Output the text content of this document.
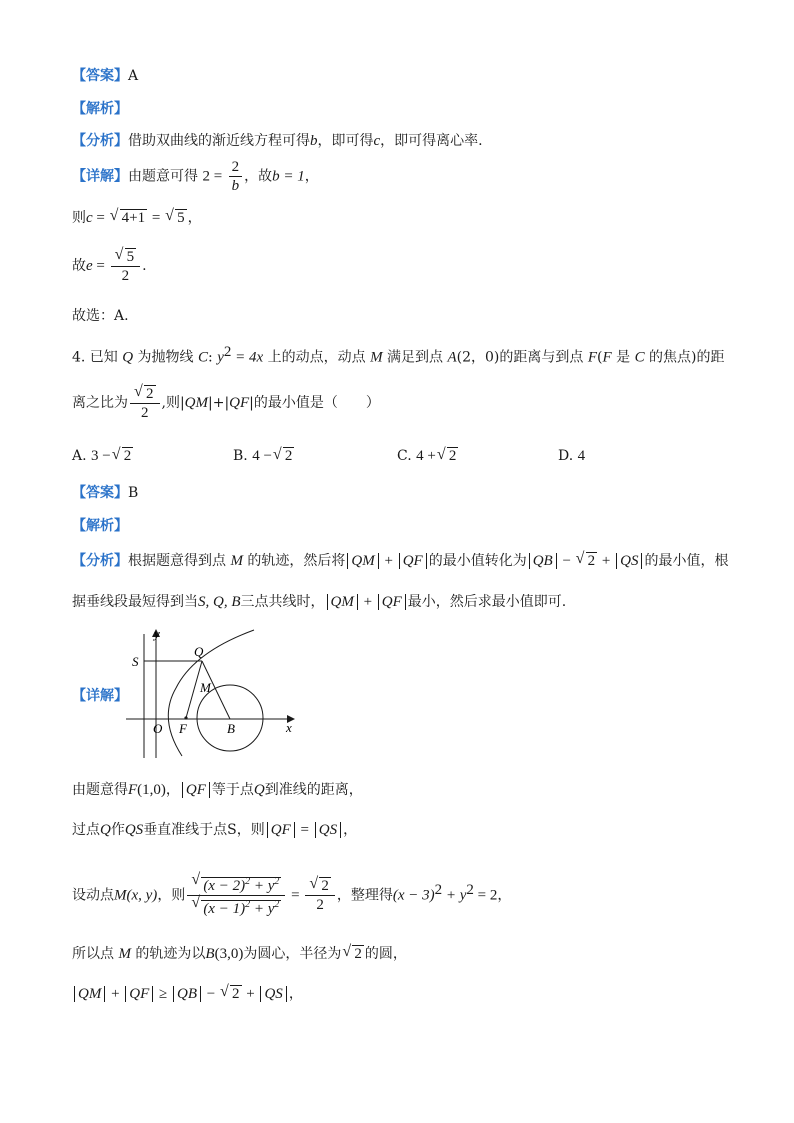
【答案】A
【解析】
【分析】借助双曲线的渐近线方程可得b，即可得c，即可得离心率.
【详解】由题意可得 $2 = \frac{2}{b}$ ，故b = 1，
则c = √ 4+1 = √ 5 ，
故e = √ $\frac{5}{2}$ .
故选：A.
4. 已知 Q 为抛物线 C: $y^2 = 4x$ 上的动点，动点 M 满足到点 A(2，0)的距离与到点 F(F 是 C 的焦点)的距
离之比为 √ $\frac{2}{2}$ ,则|QM|+|QF|的最小值是（　　）
A. 3 − √ 2	B. 4 − √ 2	C. 4 + √ 2	D. 4
【答案】B
【解析】
【分析】根据题意得到点 M 的轨迹，然后将 QM + QF 的最小值转化为 QB − √ 2 + QS 的最小值，根
据垂线段最短得到当S, Q, B三点共线时， QM + QF 最小，然后求最小值即可.
【详解】
y
S
Q
M
O F	B	x
由题意得F(1,0)， QF 等于点Q到准线的距离，
过点Q作QS垂直准线于点S，则 QF = QS ，
设动点M(x, y)，则 √ $(x - 2)^2 + y^2$
√ $(x - 1)^2 + y^2$ = √ $\frac{2}{2}$ ，整理得$(x - 3)^2 + y^2 = 2$，
所以点 M 的轨迹为以B(3,0)为圆心，半径为 √ 2 的圆，
QM + QF ≥ QB − √ 2 + QS ，
